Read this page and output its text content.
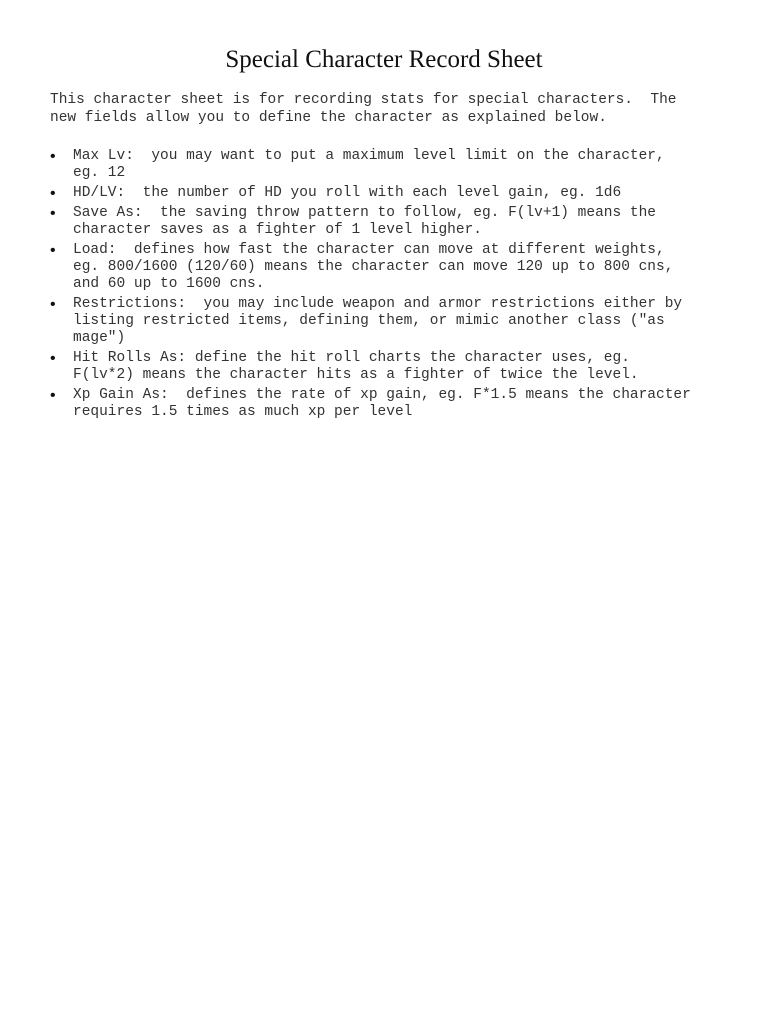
Special Character Record Sheet

This character sheet is for recording stats for special characters.  The
new fields allow you to define the character as explained below.

• Max Lv:  you may want to put a maximum level limit on the character,
eg. 12
• HD/LV:  the number of HD you roll with each level gain, eg. 1d6
• Save As:  the saving throw pattern to follow, eg. F(lv+1) means the
character saves as a fighter of 1 level higher.
• Load:  defines how fast the character can move at different weights,
eg. 800/1600 (120/60) means the character can move 120 up to 800 cns,
and 60 up to 1600 cns.
• Restrictions:  you may include weapon and armor restrictions either by
listing restricted items, defining them, or mimic another class ("as
mage")
• Hit Rolls As: define the hit roll charts the character uses, eg.
F(lv*2) means the character hits as a fighter of twice the level.
• Xp Gain As:  defines the rate of xp gain, eg. F*1.5 means the character
requires 1.5 times as much xp per level
